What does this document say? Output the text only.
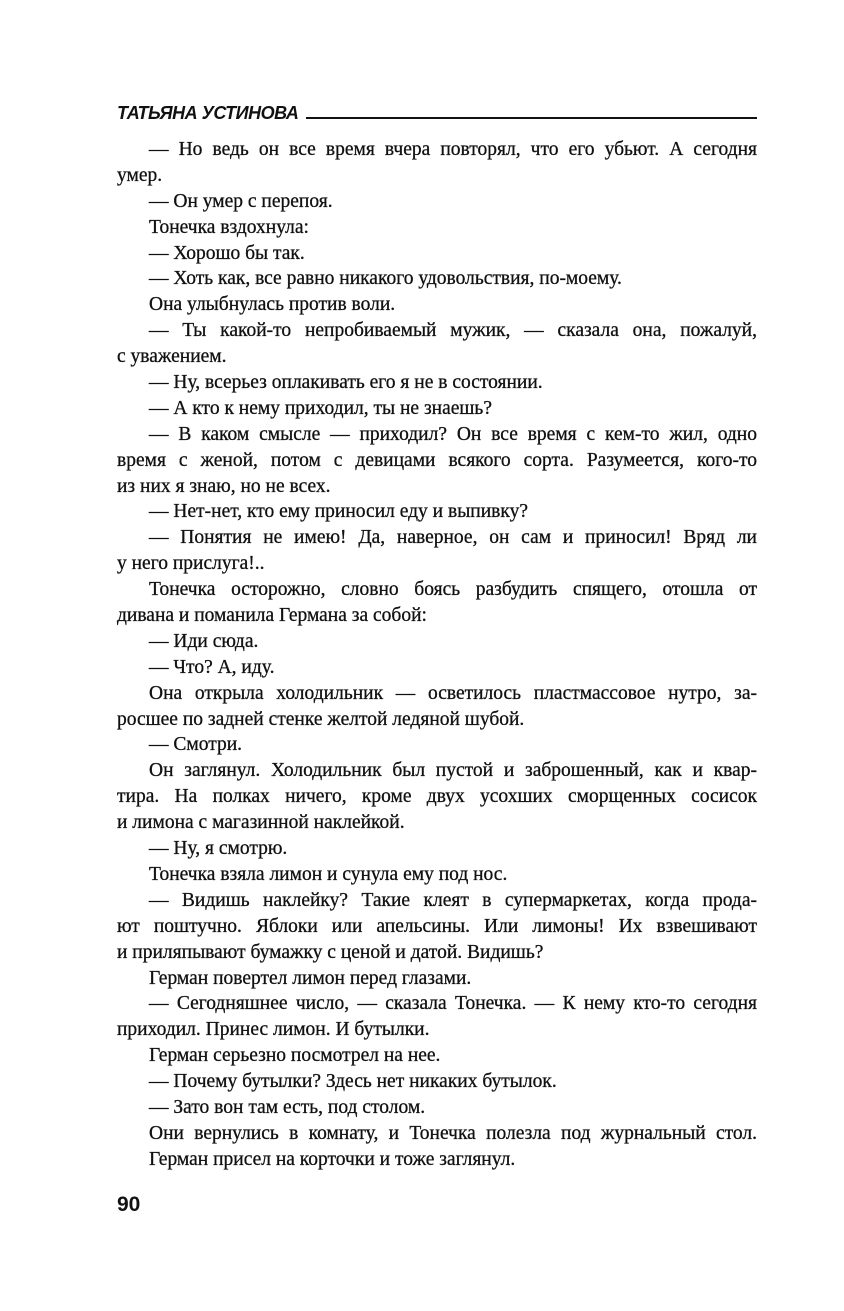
ТАТЬЯНА УСТИНОВА
— Но ведь он все время вчера повторял, что его убьют. А сегодня
умер.
— Он умер с перепоя.
Тонечка вздохнула:
— Хорошо бы так.
— Хоть как, все равно никакого удовольствия, по-моему.
Она улыбнулась против воли.
— Ты какой-то непробиваемый мужик, — сказала она, пожалуй,
с уважением.
— Ну, всерьез оплакивать его я не в состоянии.
— А кто к нему приходил, ты не знаешь?
— В каком смысле — приходил? Он все время с кем-то жил, одно
время с женой, потом с девицами всякого сорта. Разумеется, кого-то
из них я знаю, но не всех.
— Нет-нет, кто ему приносил еду и выпивку?
— Понятия не имею! Да, наверное, он сам и приносил! Вряд ли
у него прислуга!..
Тонечка осторожно, словно боясь разбудить спящего, отошла от
дивана и поманила Германа за собой:
— Иди сюда.
— Что? А, иду.
Она открыла холодильник — осветилось пластмассовое нутро, за-
росшее по задней стенке желтой ледяной шубой.
— Смотри.
Он заглянул. Холодильник был пустой и заброшенный, как и квар-
тира. На полках ничего, кроме двух усохших сморщенных сосисок
и лимона с магазинной наклейкой.
— Ну, я смотрю.
Тонечка взяла лимон и сунула ему под нос.
— Видишь наклейку? Такие клеят в супермаркетах, когда прода-
ют поштучно. Яблоки или апельсины. Или лимоны! Их взвешивают
и приляпывают бумажку с ценой и датой. Видишь?
Герман повертел лимон перед глазами.
— Сегодняшнее число, — сказала Тонечка. — К нему кто-то сегодня
приходил. Принес лимон. И бутылки.
Герман серьезно посмотрел на нее.
— Почему бутылки? Здесь нет никаких бутылок.
— Зато вон там есть, под столом.
Они вернулись в комнату, и Тонечка полезла под журнальный стол.
Герман присел на корточки и тоже заглянул.
90
